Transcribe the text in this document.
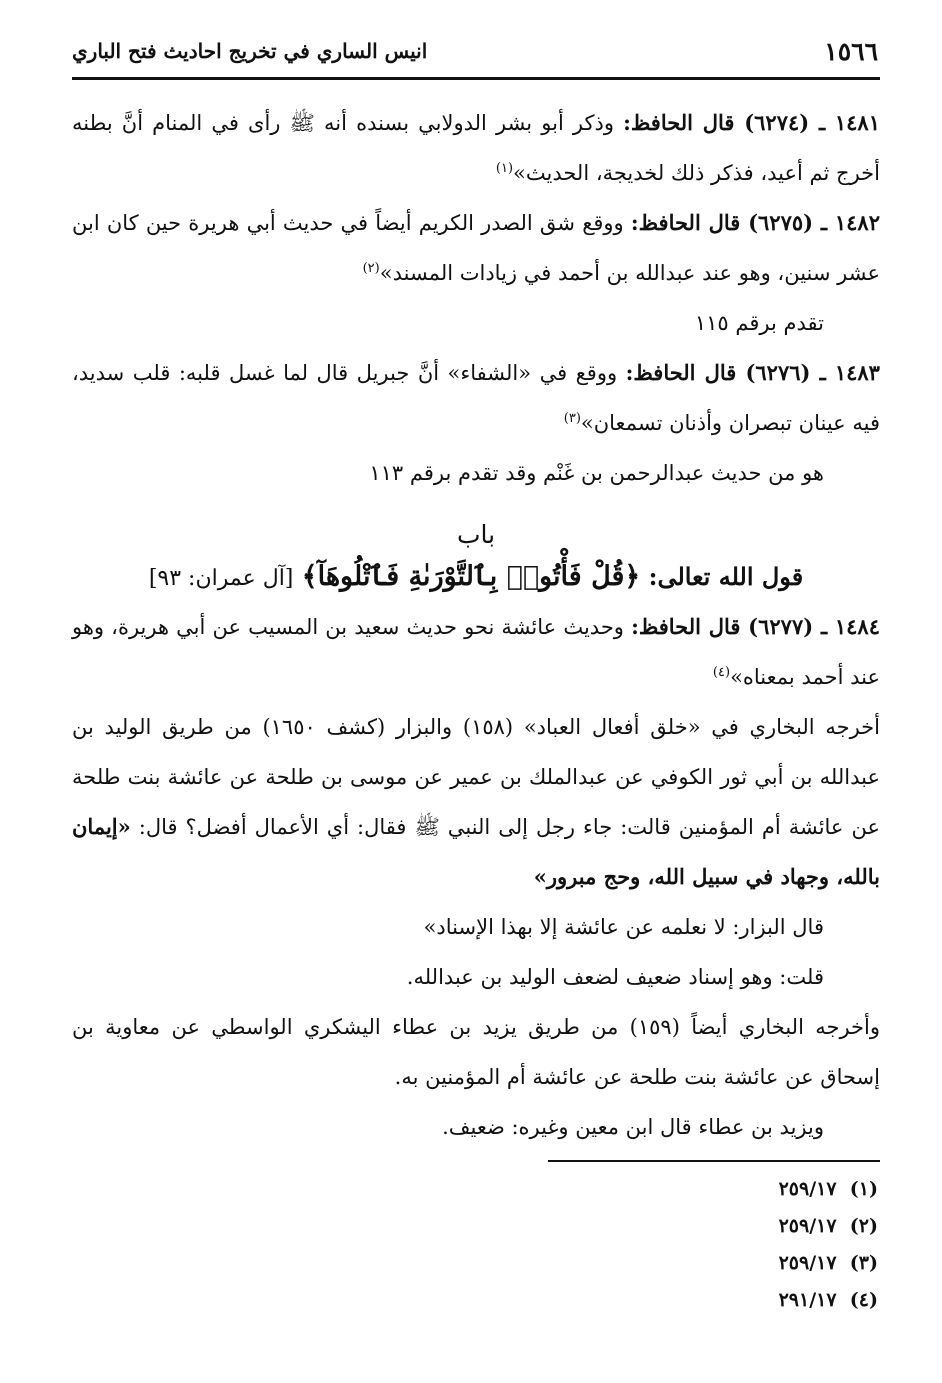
١٥٦٦
انيس الساري في تخريج احاديث فتح الباري

١٤٨١ ـ (٦٢٧٤) قال الحافظ: وذكر أبو بشر الدولابي بسنده أنه ﷺ رأى في المنام أنَّ بطنه أخرج ثم أعيد، فذكر ذلك لخديجة، الحديث»$^{(١)}$

١٤٨٢ ـ (٦٢٧٥) قال الحافظ: ووقع شق الصدر الكريم أيضاً في حديث أبي هريرة حين كان ابن عشر سنين، وهو عند عبدالله بن أحمد في زيادات المسند»$^{(٢)}$

تقدم برقم ١١٥

١٤٨٣ ـ (٦٢٧٦) قال الحافظ: ووقع في «الشفاء» أنَّ جبريل قال لما غسل قلبه: قلب سديد، فيه عينان تبصران وأذنان تسمعان»$^{(٣)}$

هو من حديث عبدالرحمن بن غَنْم وقد تقدم برقم ١١٣

باب
قول الله تعالى: ﴿قُلْ فَأْتُوا۟ بِٱلتَّوْرَىٰةِ فَٱتْلُوهَآ﴾ [آل عمران: ٩٣]

١٤٨٤ ـ (٦٢٧٧) قال الحافظ: وحديث عائشة نحو حديث سعيد بن المسيب عن أبي هريرة، وهو عند أحمد بمعناه»$^{(٤)}$

أخرجه البخاري في «خلق أفعال العباد» (١٥٨) والبزار (كشف ١٦٥٠) من طريق الوليد بن عبدالله بن أبي ثور الكوفي عن عبدالملك بن عمير عن موسى بن طلحة عن عائشة بنت طلحة عن عائشة أم المؤمنين قالت: جاء رجل إلى النبي ﷺ فقال: أي الأعمال أفضل؟ قال: «إيمان بالله، وجهاد في سبيل الله، وحج مبرور»

قال البزار: لا نعلمه عن عائشة إلا بهذا الإسناد»

قلت: وهو إسناد ضعيف لضعف الوليد بن عبدالله.

وأخرجه البخاري أيضاً (١٥٩) من طريق يزيد بن عطاء اليشكري الواسطي عن معاوية بن إسحاق عن عائشة بنت طلحة عن عائشة أم المؤمنين به.

ويزيد بن عطاء قال ابن معين وغيره: ضعيف.

(١)  ٢٥٩/١٧
(٢)  ٢٥٩/١٧
(٣)  ٢٥٩/١٧
(٤)  ٢٩١/١٧
